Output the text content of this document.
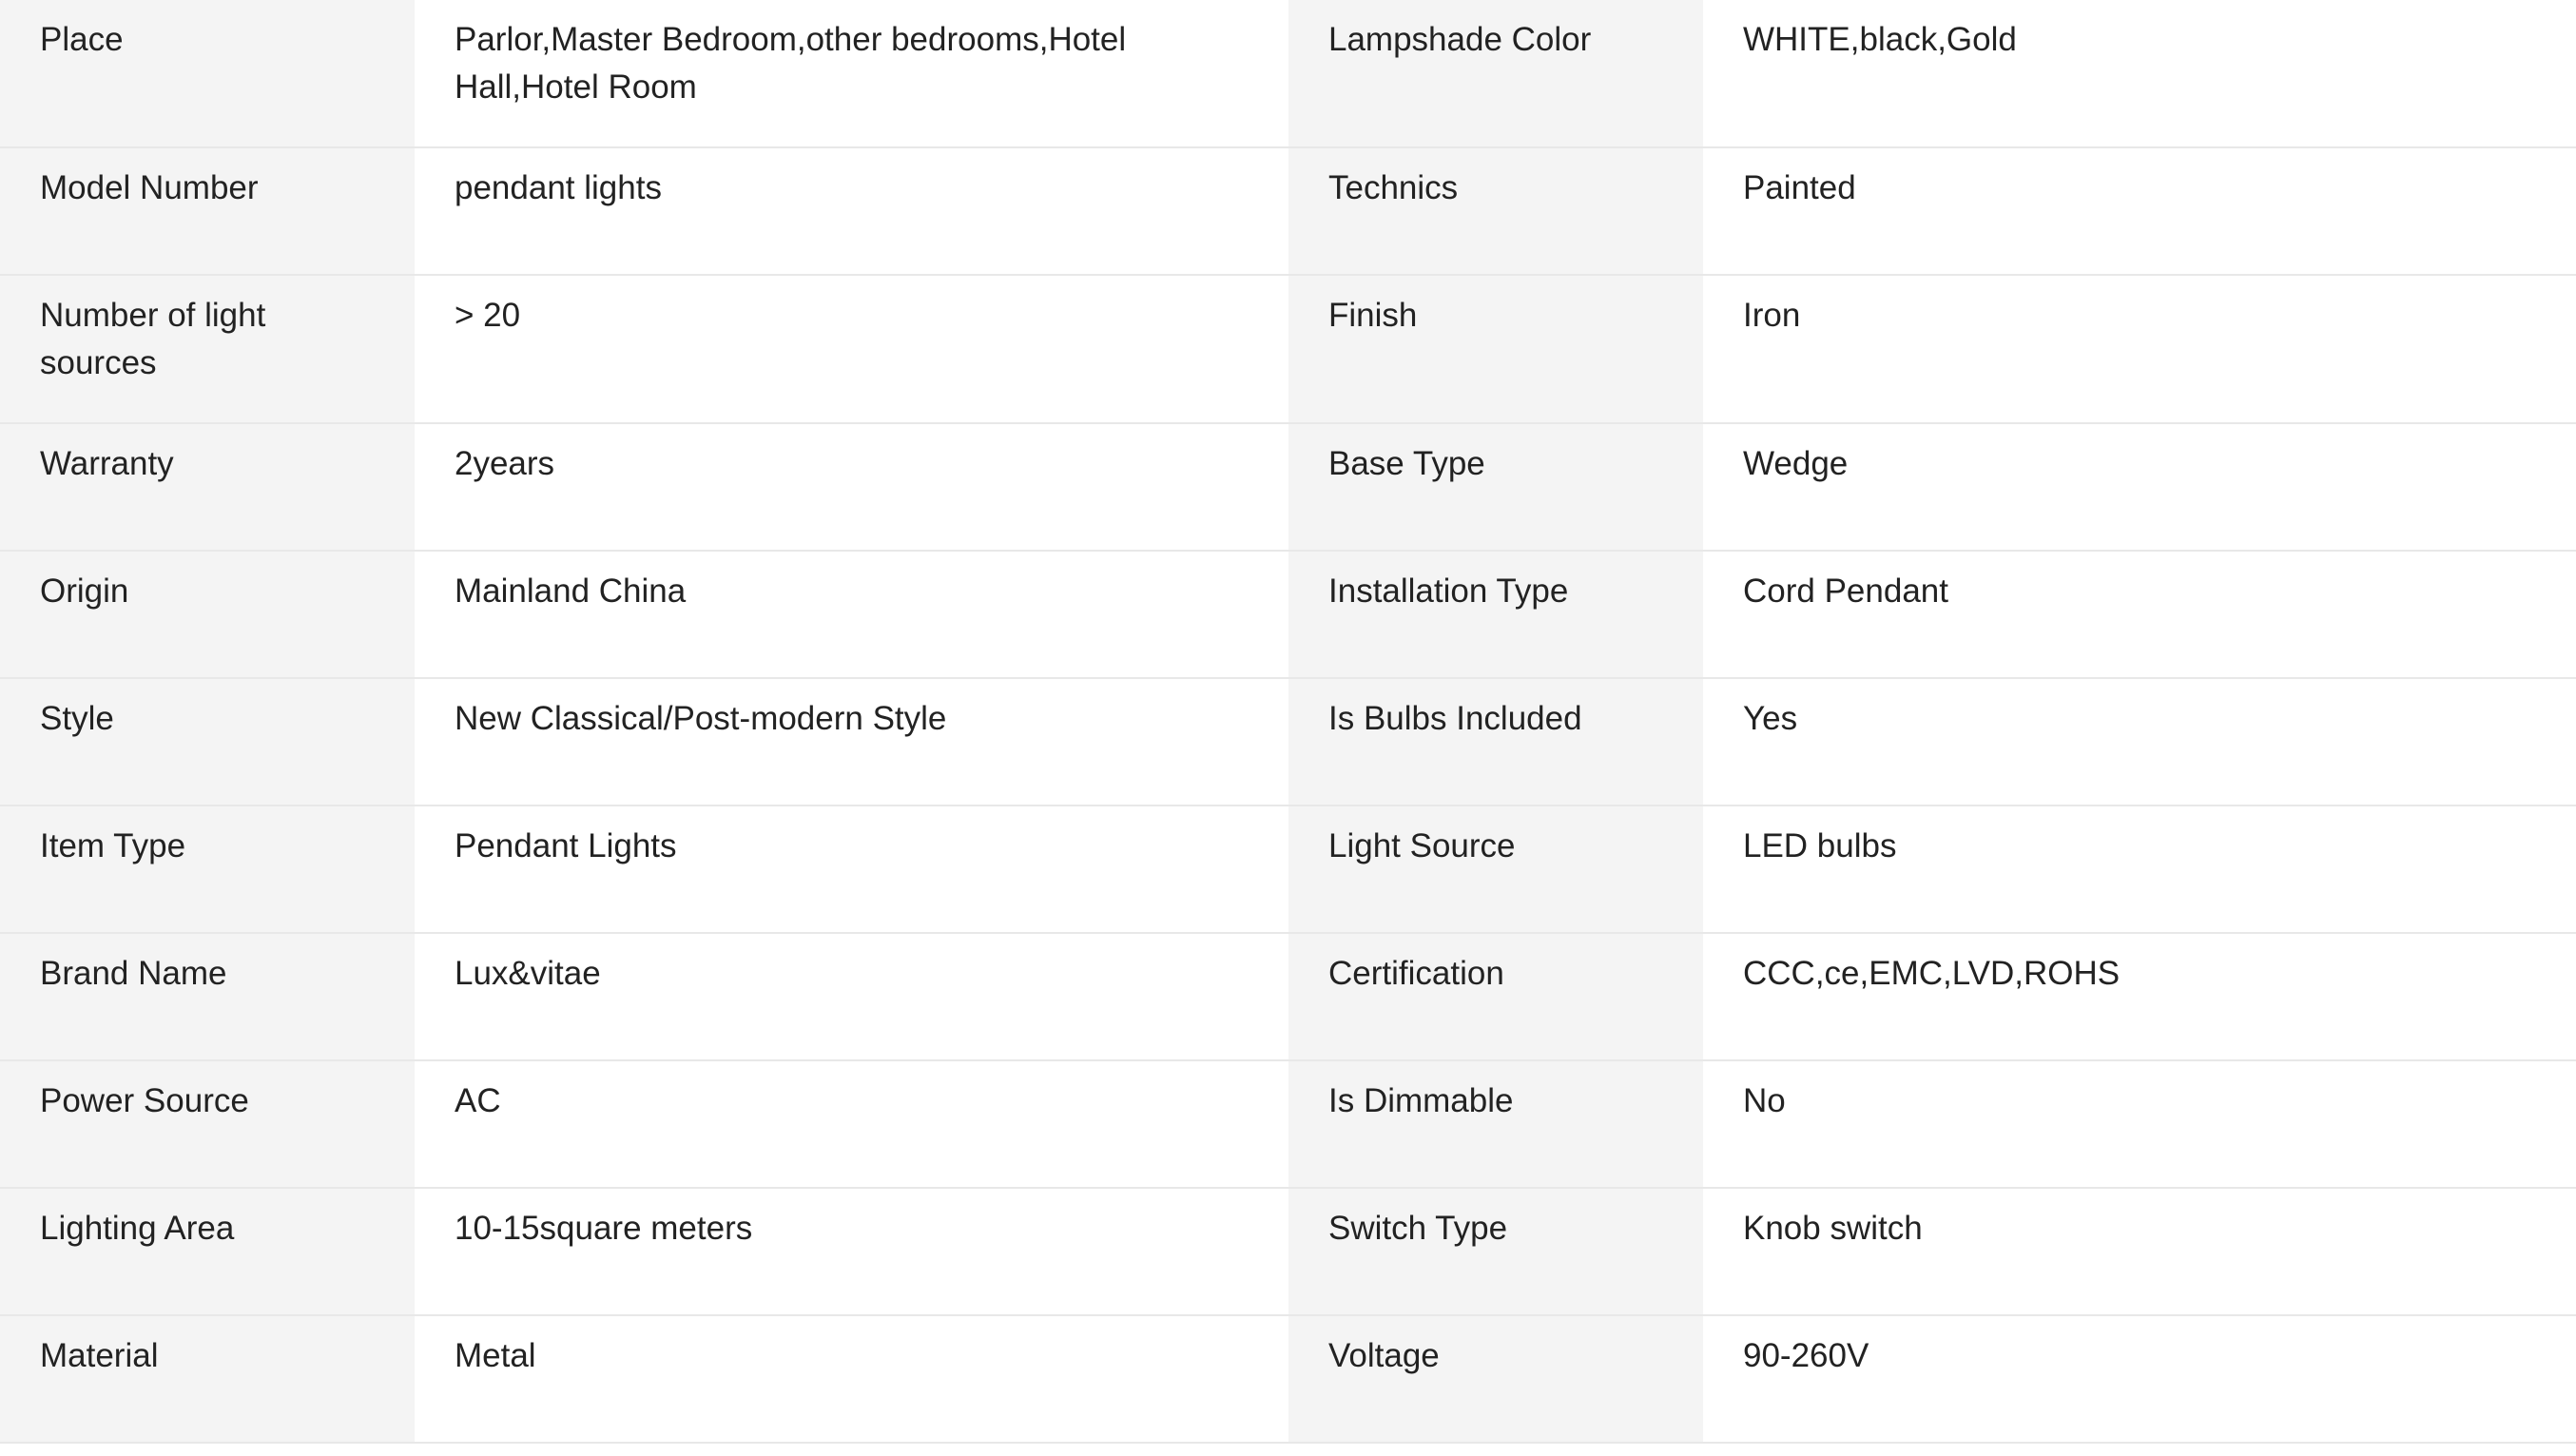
Place	Parlor,Master Bedroom,other bedrooms,Hotel Hall,Hotel Room	Lampshade Color	WHITE,black,Gold
Model Number	pendant lights	Technics	Painted
Number of light sources	> 20	Finish	Iron
Warranty	2years	Base Type	Wedge
Origin	Mainland China	Installation Type	Cord Pendant
Style	New Classical/Post-modern Style	Is Bulbs Included	Yes
Item Type	Pendant Lights	Light Source	LED bulbs
Brand Name	Lux&vitae	Certification	CCC,ce,EMC,LVD,ROHS
Power Source	AC	Is Dimmable	No
Lighting Area	10-15square meters	Switch Type	Knob switch
Material	Metal	Voltage	90-260V
